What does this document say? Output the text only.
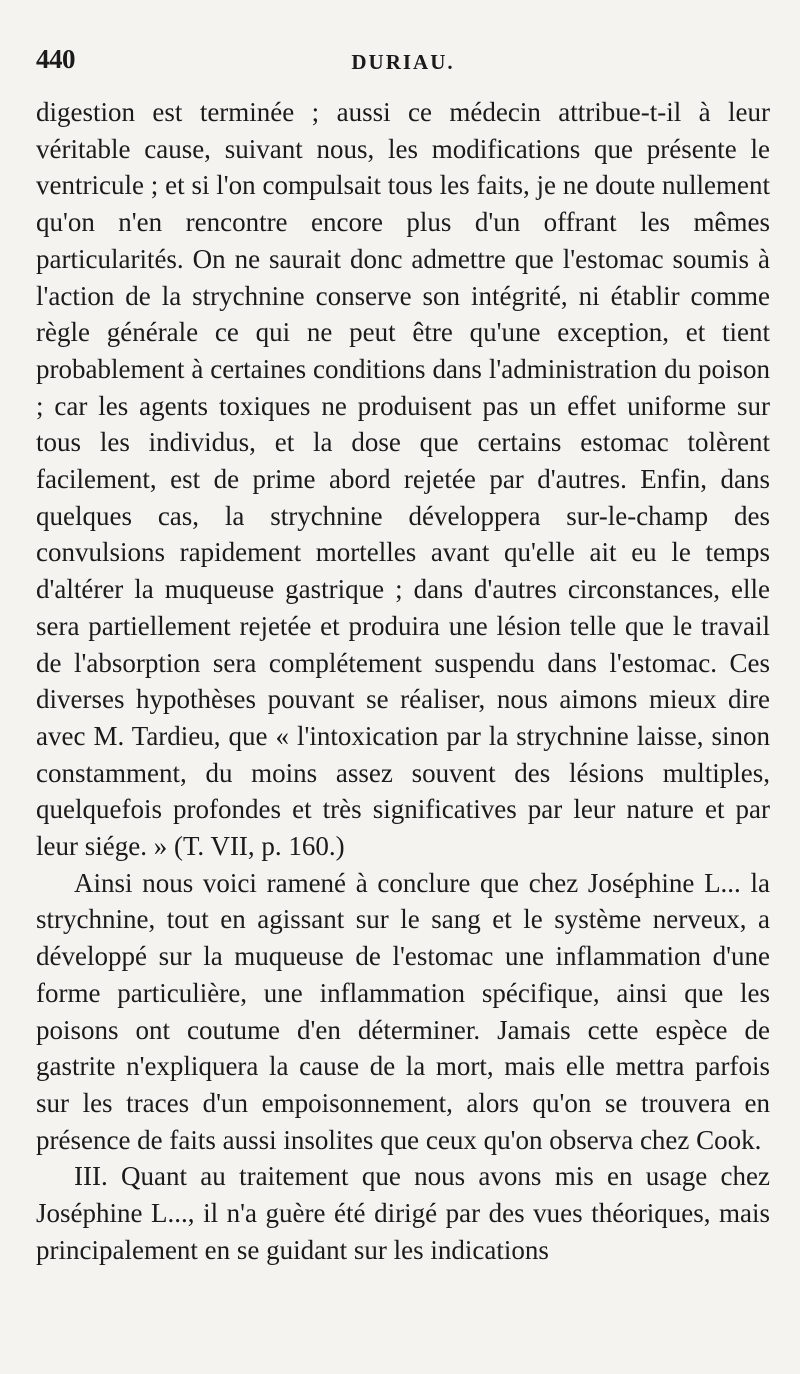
440	DURIAU.

digestion est terminée ; aussi ce médecin attribue-t-il à leur véritable cause, suivant nous, les modifications que présente le ventricule ; et si l'on compulsait tous les faits, je ne doute nullement qu'on n'en rencontre encore plus d'un offrant les mêmes particularités. On ne saurait donc admettre que l'estomac soumis à l'action de la strychnine conserve son intégrité, ni établir comme règle générale ce qui ne peut être qu'une exception, et tient probablement à certaines conditions dans l'administration du poison ; car les agents toxiques ne produisent pas un effet uniforme sur tous les individus, et la dose que certains estomac tolèrent facilement, est de prime abord rejetée par d'autres. Enfin, dans quelques cas, la strychnine développera sur-le-champ des convulsions rapidement mortelles avant qu'elle ait eu le temps d'altérer la muqueuse gastrique ; dans d'autres circonstances, elle sera partiellement rejetée et produira une lésion telle que le travail de l'absorption sera complétement suspendu dans l'estomac. Ces diverses hypothèses pouvant se réaliser, nous aimons mieux dire avec M. Tardieu, que « l'intoxication par la strychnine laisse, sinon constamment, du moins assez souvent des lésions multiples, quelquefois profondes et très significatives par leur nature et par leur siége. » (T. VII, p. 160.)

Ainsi nous voici ramené à conclure que chez Joséphine L... la strychnine, tout en agissant sur le sang et le système nerveux, a développé sur la muqueuse de l'estomac une inflammation d'une forme particulière, une inflammation spécifique, ainsi que les poisons ont coutume d'en déterminer. Jamais cette espèce de gastrite n'expliquera la cause de la mort, mais elle mettra parfois sur les traces d'un empoisonnement, alors qu'on se trouvera en présence de faits aussi insolites que ceux qu'on observa chez Cook.

III. Quant au traitement que nous avons mis en usage chez Joséphine L..., il n'a guère été dirigé par des vues théoriques, mais principalement en se guidant sur les indications
